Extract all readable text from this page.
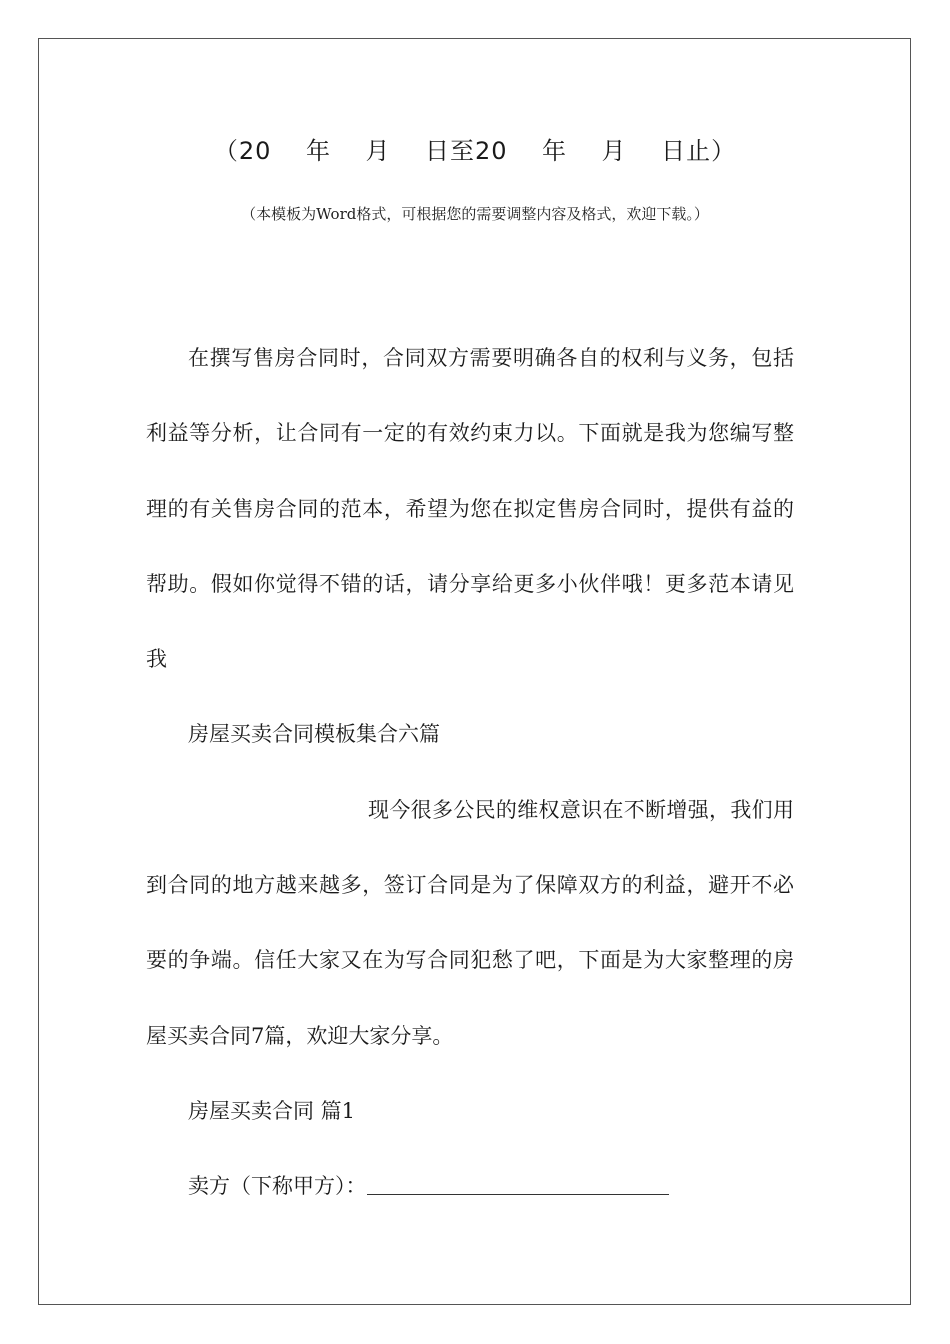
（20    年    月    日至20    年    月    日止）
（本模板为Word格式，可根据您的需要调整内容及格式，欢迎下载。）

在撰写售房合同时，合同双方需要明确各自的权利与义务，包括利益等分析，让合同有一定的有效约束力以。下面就是我为您编写整理的有关售房合同的范本，希望为您在拟定售房合同时，提供有益的帮助。假如你觉得不错的话，请分享给更多小伙伴哦！更多范本请见我

房屋买卖合同模板集合六篇

现今很多公民的维权意识在不断增强，我们用到合同的地方越来越多，签订合同是为了保障双方的利益，避开不必要的争端。信任大家又在为写合同犯愁了吧，下面是为大家整理的房屋买卖合同7篇，欢迎大家分享。

房屋买卖合同 篇1

卖方（下称甲方）：
